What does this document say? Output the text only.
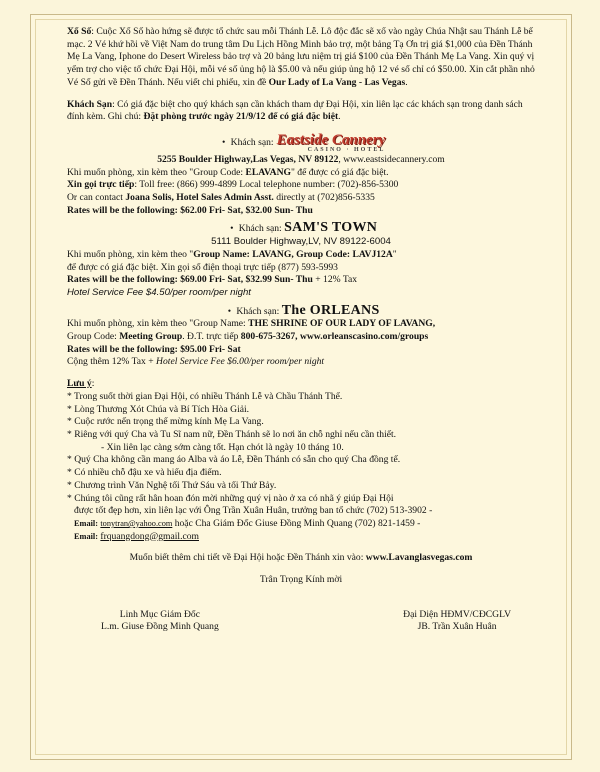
Xổ Số: Cuộc Xổ Số hào hứng sẽ được tổ chức sau mỗi Thánh Lễ. Lô độc đắc sẽ xổ vào ngày Chúa Nhật sau Thánh Lễ bế mạc. 2 Vé khứ hồi về Việt Nam do trung tâm Du Lịch Hồng Minh bảo trợ, một bảng Tạ Ơn trị giá $1,000 của Đền Thánh Mẹ La Vang, Iphone do Desert Wireless bảo trợ và 20 bảng lưu niệm trị giá $100 của Đền Thánh Mẹ La Vang. Xin quý vị yểm trợ cho việc tổ chức Đại Hội, mỗi vé số ủng hộ là $5.00 và nếu giúp ủng hộ 12 vé số chỉ có $50.00. Xin cắt phần nhỏ Vé Số gửi về Đền Thánh. Nếu viết chi phiếu, xin đề Our Lady of La Vang - Las Vegas.

Khách Sạn: Có giá đặc biệt cho quý khách sạn cần khách tham dự Đại Hội, xin liên lạc các khách sạn trong danh sách đính kèm. Ghi chú: Đặt phòng trước ngày 21/9/12 để có giá đặc biệt.

• Khách sạn: Eastside Cannery
CASINO · HOTEL

5255 Boulder Highway,Las Vegas, NV 89122, www.eastsidecannery.com

Khi muốn phòng, xin kèm theo "Group Code: ELAVANG" để được có giá đặc biệt.

Xin gọi trực tiếp: Toll free: (866) 999-4899 Local telephone number: (702)-856-5300

Or can contact Joana Solis, Hotel Sales Admin Asst. directly at (702)856-5335

Rates will be the following: $62.00 Fri- Sat, $32.00 Sun- Thu

• Khách sạn: SAM'S TOWN

5111 Boulder Highway,LV, NV 89122-6004

Khi muốn phòng, xin kèm theo "Group Name: LAVANG, Group Code: LAVJ12A"

để được có giá đặc biệt. Xin gọi số điện thoại trực tiếp (877) 593-5993

Rates will be the following: $69.00 Fri- Sat, $32.99 Sun- Thu + 12% Tax

Hotel Service Fee $4.50/per room/per night

• Khách sạn: The ORLEANS

Khi muốn phòng, xin kèm theo "Group Name: THE SHRINE OF OUR LADY OF LAVANG,

Group Code: Meeting Group. Đ.T. trực tiếp 800-675-3267, www.orleanscasino.com/groups

Rates will be the following: $95.00 Fri- Sat

Cộng thêm 12% Tax + Hotel Service Fee $6.00/per room/per night

Lưu ý:

* Trong suốt thời gian Đại Hội, có nhiều Thánh Lễ và Chầu Thánh Thể.

* Lòng Thương Xót Chúa và Bí Tích Hòa Giải.

* Cuộc rước nến trọng thể mừng kính Mẹ La Vang.

* Riêng với quý Cha và Tu Sĩ nam nữ, Đền Thánh sẽ lo nơi ăn chỗ nghỉ nếu cần thiết.

- Xin liên lạc càng sớm càng tốt. Hạn chót là ngày 10 tháng 10.

* Quý Cha không cần mang áo Alba và áo Lễ, Đền Thánh có sẵn cho quý Cha đồng tế.

* Có nhiều chỗ đậu xe và hiểu địa điểm.

* Chương trình Văn Nghệ tối Thứ Sáu và tối Thứ Bảy.

* Chúng tôi cũng rất hân hoan đón mời những quý vị nào ở xa có nhã ý giúp Đại Hội

được tốt đẹp hơn, xin liên lạc với Ông Trần Xuân Huân, trưởng ban tổ chức (702) 513-3902 -

Email: tonytran@yahoo.com hoặc Cha Giám Đốc Giuse Đồng Minh Quang (702) 821-1459 -

Email: frquangdong@gmail.com

Muốn biết thêm chi tiết về Đại Hội hoặc Đền Thánh xin vào: www.Lavanglasvegas.com

Trân Trọng Kính mời

Linh Mục Giám Đốc

L.m. Giuse Đồng Minh Quang

Đại Diện HĐMV/CĐCGLV

JB. Trần Xuân Huân
